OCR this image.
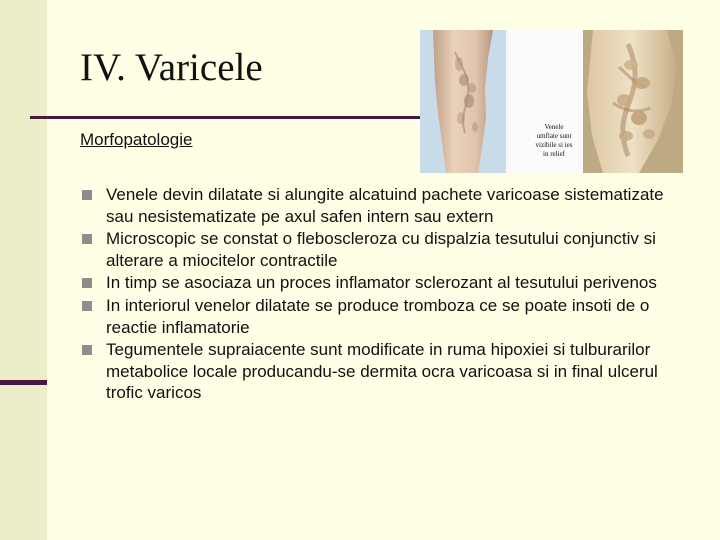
IV. Varicele
Morfopatologie
Venele
umflate sunt
vizibile si ies
in relief
Venele devin dilatate si alungite alcatuind pachete varicoase sistematizate sau nesistematizate pe axul safen intern sau extern
Microscopic se constat o fleboscleroza cu dispalzia tesutului conjunctiv si alterare a miocitelor contractile
In timp se asociaza un proces inflamator sclerozant al tesutului perivenos
In interiorul venelor dilatate se produce tromboza ce se poate insoti de o reactie inflamatorie
Tegumentele supraiacente sunt modificate in ruma hipoxiei si tulburarilor metabolice locale producandu-se dermita ocra varicoasa si in final ulcerul trofic varicos
